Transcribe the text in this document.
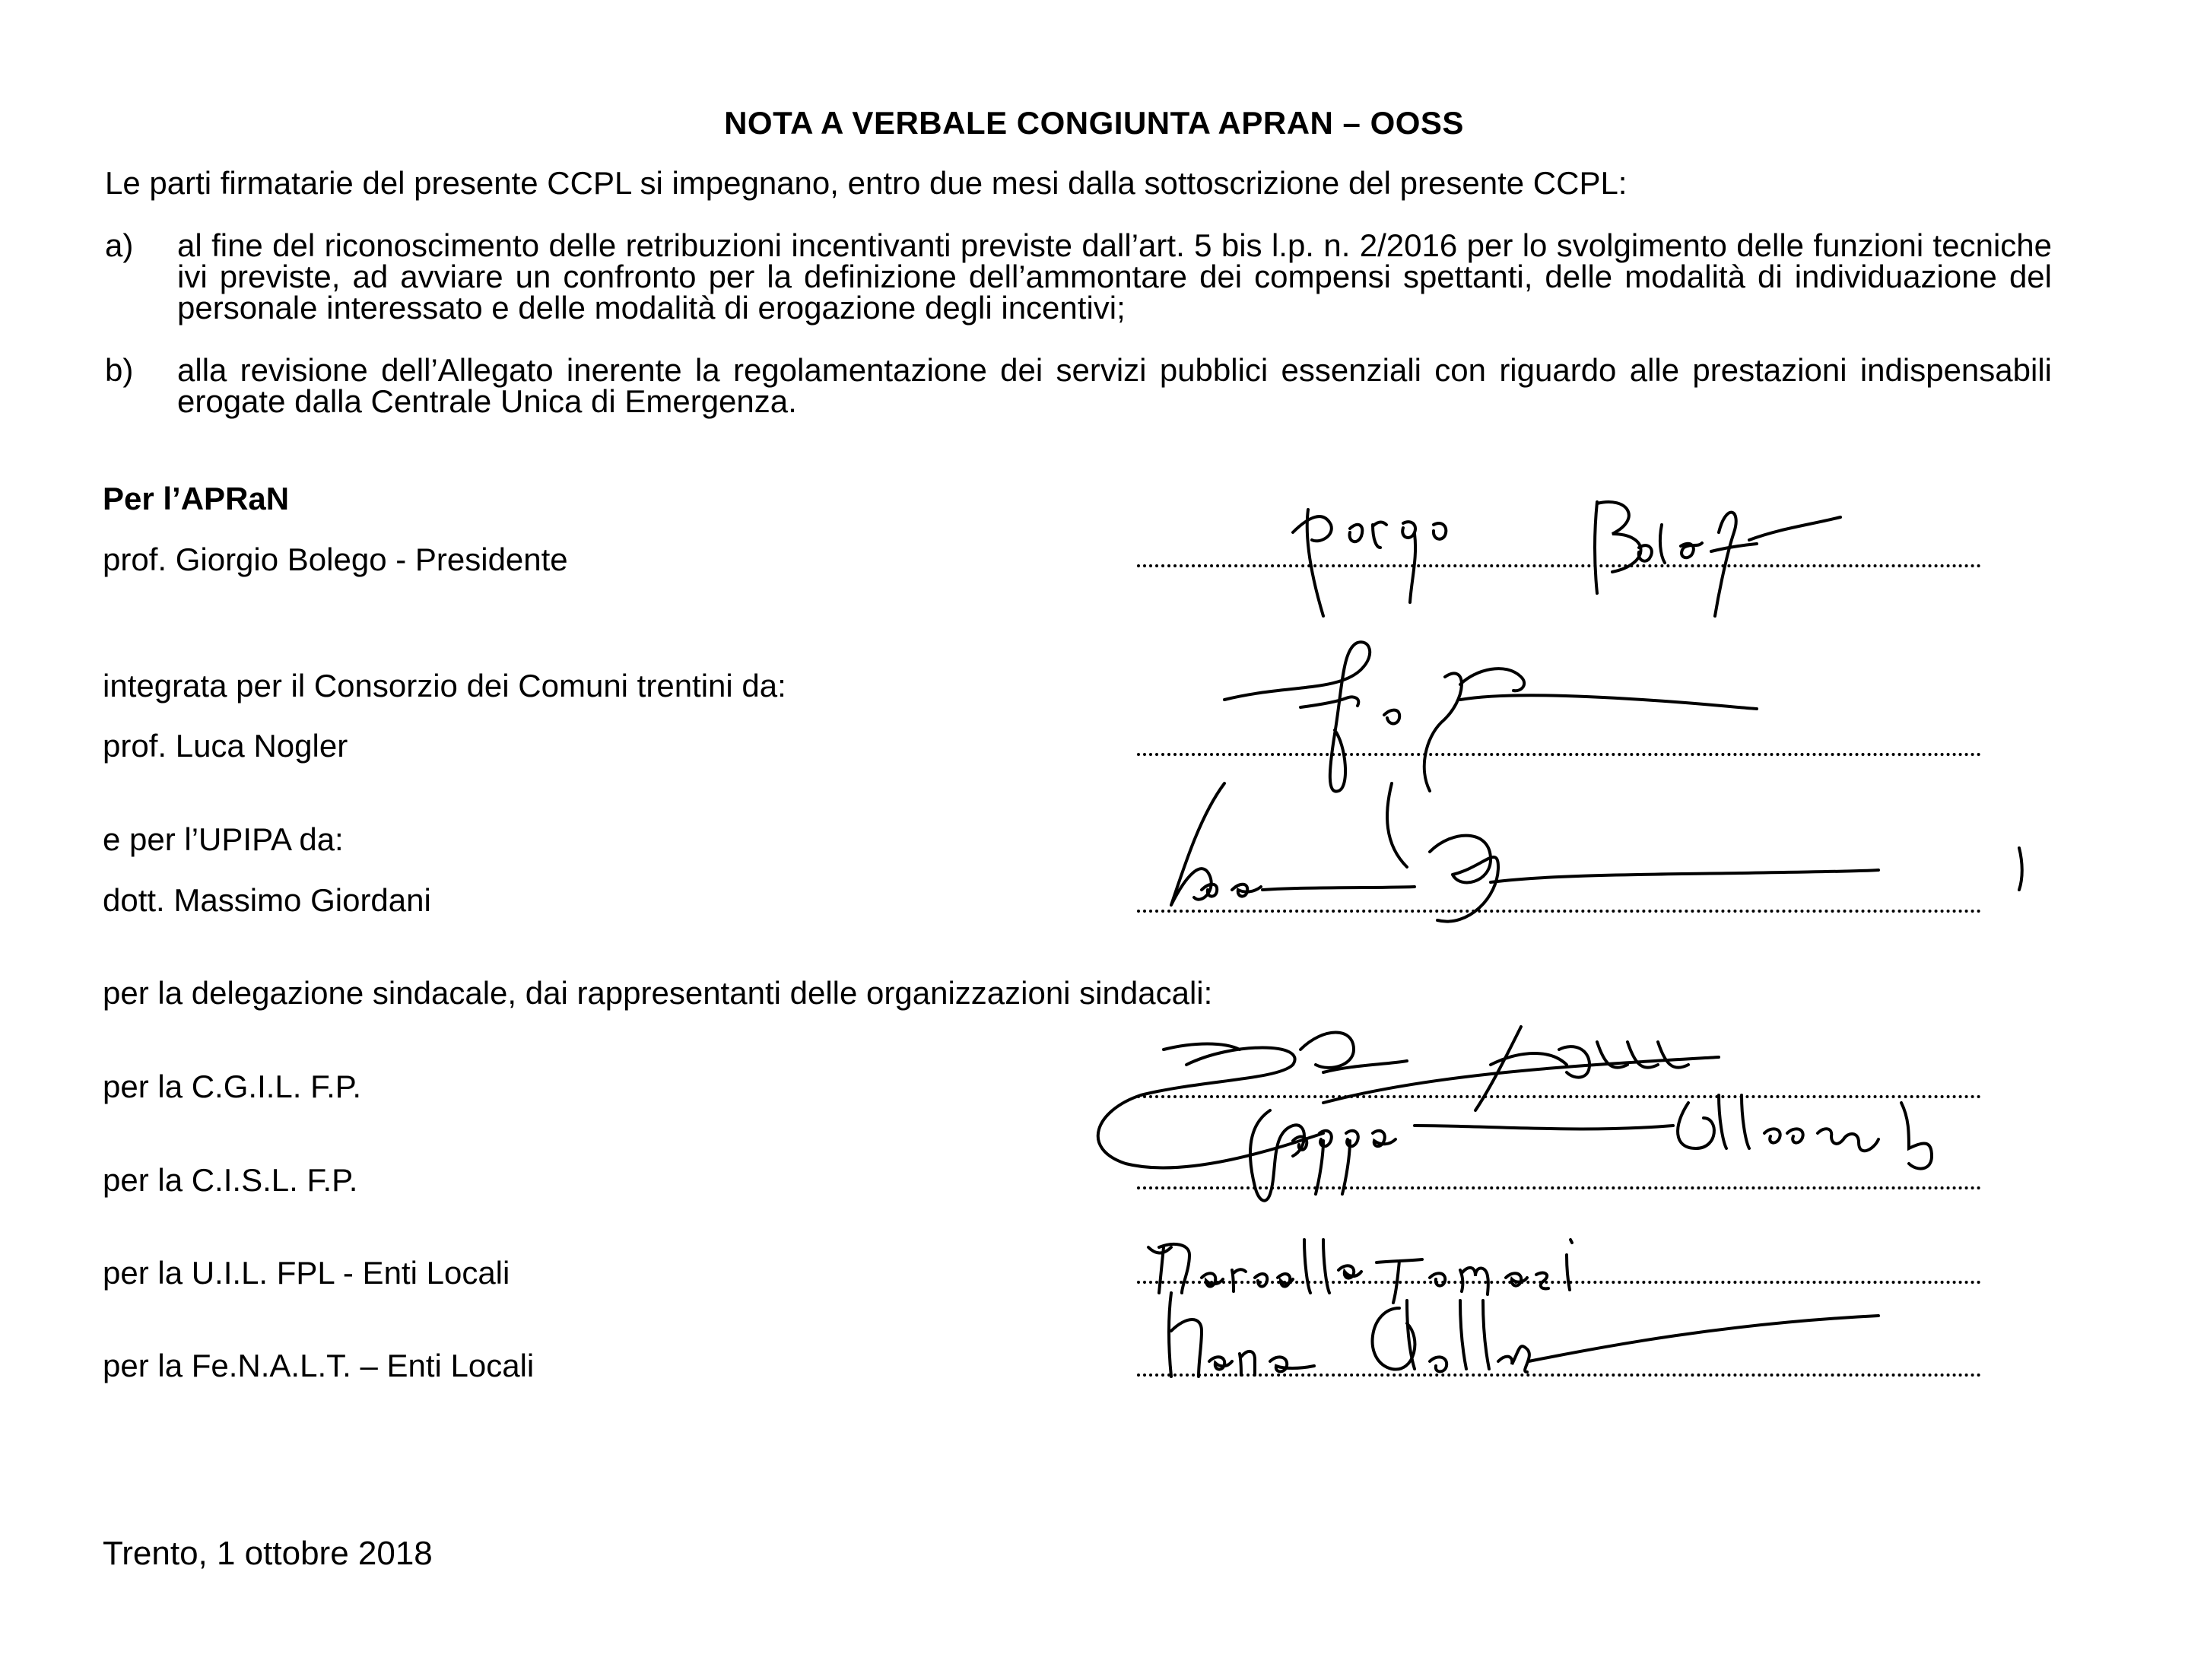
NOTA A VERBALE CONGIUNTA APRAN – OOSS

Le parti firmatarie del presente CCPL si impegnano, entro due mesi dalla sottoscrizione del presente CCPL:

a) al fine del riconoscimento delle retribuzioni incentivanti previste dall’art. 5 bis l.p. n. 2/2016 per lo svolgimento delle funzioni tecniche ivi previste, ad avviare un confronto per la definizione dell’ammontare dei compensi spettanti, delle modalità di individuazione del personale interessato e delle modalità di erogazione degli incentivi;
b) alla revisione dell’Allegato inerente la regolamentazione dei servizi pubblici essenziali con riguardo alle prestazioni indispensabili erogate dalla Centrale Unica di Emergenza.
Per l’APRaN
prof. Giorgio Bolego - Presidente
integrata per il Consorzio dei Comuni trentini da:
prof. Luca Nogler
e per l’UPIPA da:
dott. Massimo Giordani
per la delegazione sindacale, dai rappresentanti delle organizzazioni sindacali:
per la C.G.I.L. F.P.
per la C.I.S.L. F.P.
per la U.I.L. FPL - Enti Locali
per la Fe.N.A.L.T. – Enti Locali
Trento, 1 ottobre 2018
